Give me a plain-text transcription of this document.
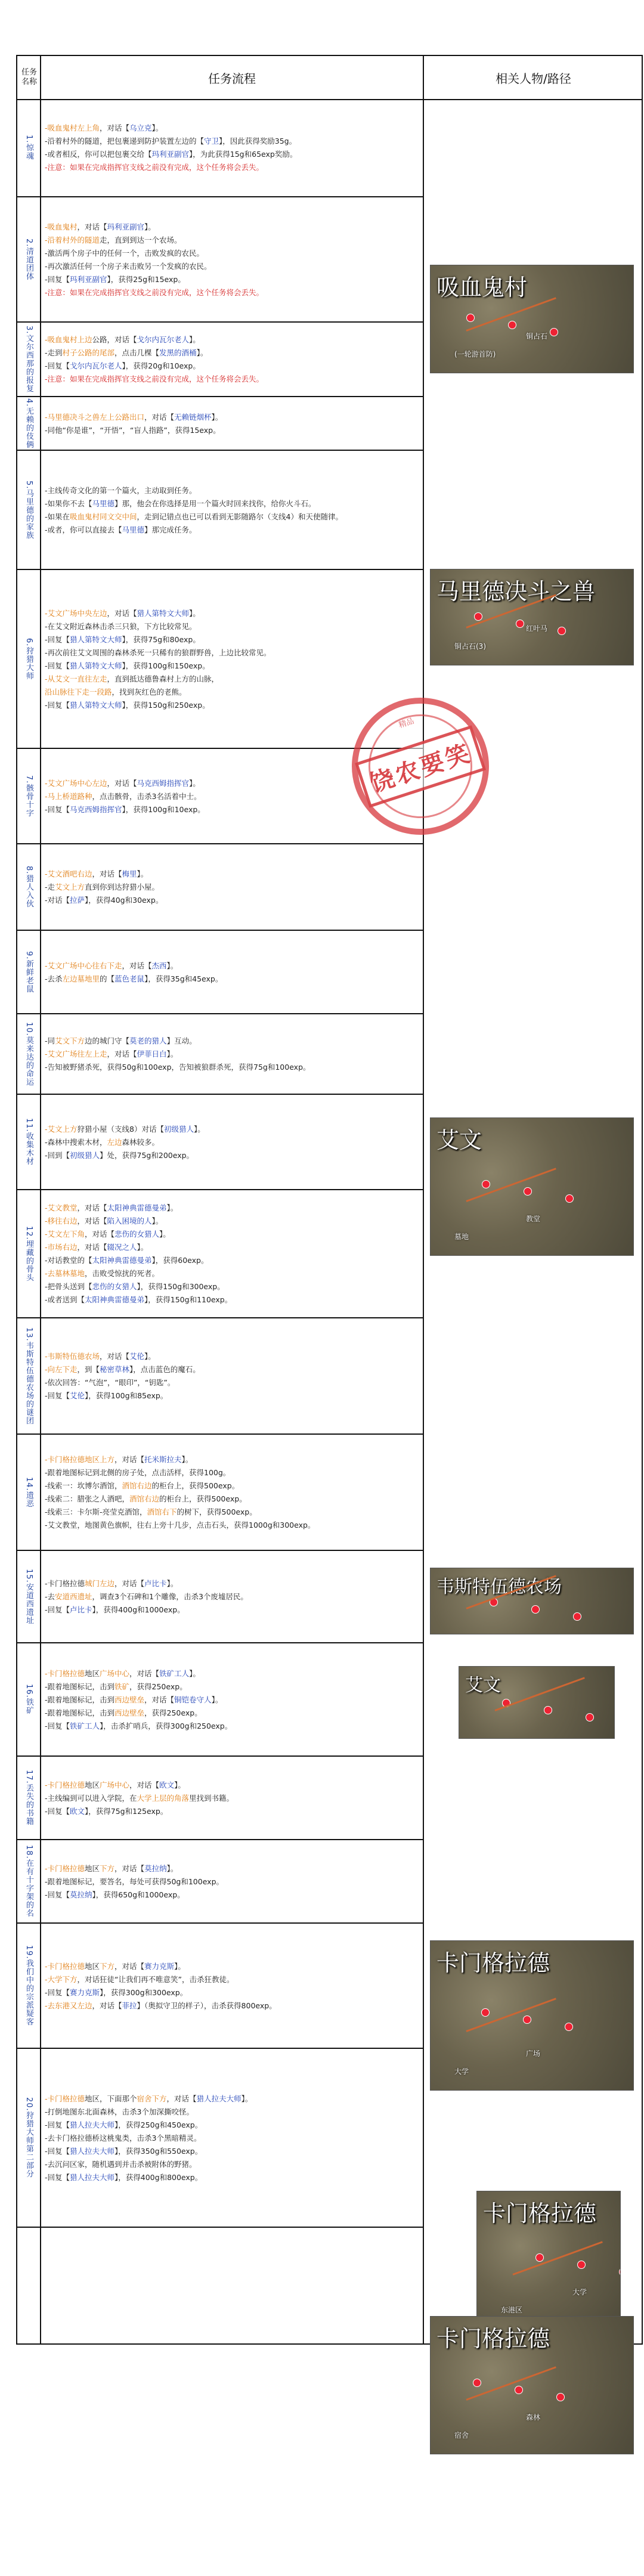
任务名称	任务流程	相关人物/路径
1.惊魂
-吸血鬼村左上角，对话【乌立克】。
-沿着村外的隧道，把包裹递到防护装置左边的【守卫】，因此获得奖励35g。
-或者相反，你可以把包裹交给【玛利亚副官】，为此获得15g和65exp奖励。
-注意：如果在完成指挥官支线之前没有完成，这个任务将会丢失。
2.清道团体
-吸血鬼村，对话【玛利亚副官】。
-沿着村外的隧道走，直到到达一个农场。
-激活两个房子中的任何一个，击败发疯的农民。
-再次激活任何一个房子来击败另一个发疯的农民。
-回复【玛利亚副官】，获得25g和15exp。
-注意：如果在完成指挥官支线之前没有完成，这个任务将会丢失。
3.文尔西那的报复 -吸血鬼村上边公路，对话【戈尔内瓦尔老人】。
-走到村子公路的尾部，点击几棵【发黑的酒桶】。
-回复【戈尔内瓦尔老人】，获得20g和10exp。
-注意：如果在完成指挥官支线之前没有完成，这个任务将会丢失。
4.无赖的伎俩 -马里德决斗之兽左上公路出口，对话【无赖链烟杯】。
-同他“你是谁”，“开悟”，“盲人指路”，获得15exp。
5.马里德的家族 -主线传奇文化的第一个篇火，主动取到任务。
-如果你不去【马里德】那，他会在你选择是用一个篇火时回来找你，给你火斗石。
-如果在吸血鬼村同文交中间，走到记错点也已可以看到无影随路尔（支线4）和天使随律。
-或者，你可以直接去【马里德】那完成任务。
6.狩猎大师
-艾文广场中央左边，对话【猎人第特文大师】。
-在艾文附近森林击杀三只狼，下方比较常见。
-回复【猎人第特文大师】，获得75g和80exp。
-再次前往艾文周围的森林杀死一只稀有的狼群野兽，上边比较常见。
-回复【猎人第特文大师】，获得100g和150exp。
-从艾文一直往左走，直到抵达德鲁森村上方的山脉，
沿山脉往下走一段路，找到灰红色的老熊。
-回复【猎人第特文大师】，获得150g和250exp。
7.骸骨十字 -艾文广场中心左边，对话【马克西姆指挥官】。
-马上桥道路种，点击骸骨，击杀3名活着中士。
-回复【马克西姆指挥官】，获得100g和10exp。
8.猎人入伙 -艾文酒吧右边，对话【梅里】。
-走艾文上方直到你到达狩猎小屋。
-对话【拉萨】，获得40g和30exp。
9.新鲜老鼠 -艾文广场中心往右下走，对话【杰西】。
-去杀左边墓地里的【蓝色老鼠】，获得35g和45exp。
10.莫来达的命运 -同艾文下方边的城门守【莫老的猎人】互动。
-艾文广场往左上走，对话【伊菲日白】。
-告知被野猪杀死，获得50g和100exp，告知被狼群杀死，获得75g和100exp。
11.收集木材 -艾文上方狩猎小屋（支线8）对话【初级猎人】。
-森林中搜索木材，左边森林较多。
-回到【初级猎人】处，获得75g和200exp。
12.埋藏的骨头
-艾文教堂，对话【太阳神典雷德曼弟】。
-移往右边，对话【陷入困境的人】。
-艾文左下角，对话【悲伤的女猎人】。
-市场右边，对话【辍况之人】。
-对话教堂的【太阳神典雷德曼弟】，获得60exp。
-去墓林墓地，击败受惊扰的死者。
-把骨头送到【悲伤的女猎人】，获得150g和300exp。
-或者送到【太阳神典雷德曼弟】，获得150g和110exp。
13.韦斯特伍德农场的谜团 -韦斯特伍德农场，对话【艾伦】。
-向左下走，到【秘密草林】，点击蓝色的魔石。
-依次回答：“气泡”，“眼印”，“钥匙”。
-回复【艾伦】，获得100g和85exp。
14.遗恶
-卡门格拉德地区上方，对话【托米斯拉夫】。
-跟着地图标记到北侧的房子处，点击活样，获得100g。
-线索一：坎博尔酒馆，酒馆右边的柜台上，获得500exp。
-线索二：腊张之人酒吧，酒馆右边的柜台上，获得500exp。
-线索三：卡尔斯-亮莹克酒馆，酒馆右下的树下，获得500exp。
-艾文教堂，地图黄色旗帜，往右上旁十几步，点击石头，获得1000g和300exp。
15.安道西遗址 -卡门格拉德城门左边，对话【卢比卡】。
-去安道西遗址，调查3个石碑和1个雕像，击杀3个废墟居民。
-回复【卢比卡】，获得400g和1000exp。
16.铁矿
-卡门格拉德地区广场中心，对话【铁矿工人】。
-跟着地图标记，击到铁矿，获得250exp。
-跟着地图标记，击到西边壁垒，对话【铜铠卷守人】。
-跟着地图标记，击到西边壁垒，获得250exp。
-回复【铁矿工人】，击杀扩哨兵，获得300g和250exp。
17.丢失的书籍 -卡门格拉德地区广场中心，对话【欧文】。
-主线编到可以进入学院，在大学上层的角落里找到书籍。
-回复【欧文】，获得75g和125exp。
18.在有十字架的名 -卡门格拉德地区下方，对话【莫拉纳】。
-跟着地图标记，要答名，每处可获得50g和100exp。
-回复【莫拉纳】，获得650g和1000exp。
19.我们中的宗派疑客 -卡门格拉德地区下方，对话【赛力克斯】。
-大学下方，对话狂徒“让我们再不唯意笑”，击杀狂教徒。
-回复【赛力克斯】，获得300g和300exp。
-去东港又左边，对话【菲拉】（奥拟守卫的样子），击杀获得800exp。
20.狩猎大师第二部分 -卡门格拉德地区，下面那个宿舍下方，对话【猎人拉夫大师】。
-打倒地图东北面森林，击杀3个加深撕咬怪。
-回复【猎人拉夫大师】，获得250g和450exp。
-去卡门格拉德桥这桃鬼类，击杀3个黑暗精灵。
-回复【猎人拉夫大师】，获得350g和550exp。
-去沉问区家，随机遇到并击杀被附体的野猪。
-回复【猎人拉夫大师】，获得400g和800exp。
吸血鬼村
(一轮游首防)
铜占石
马里德决斗之兽
铜占石(3)
红叶马
艾文
墓地
教堂
韦斯特伍德农场
艾文
卡门格拉德
大学
广场
卡门格拉德
东港区
大学
卡门格拉德
宿舍
森林
精品
饶农要笑
